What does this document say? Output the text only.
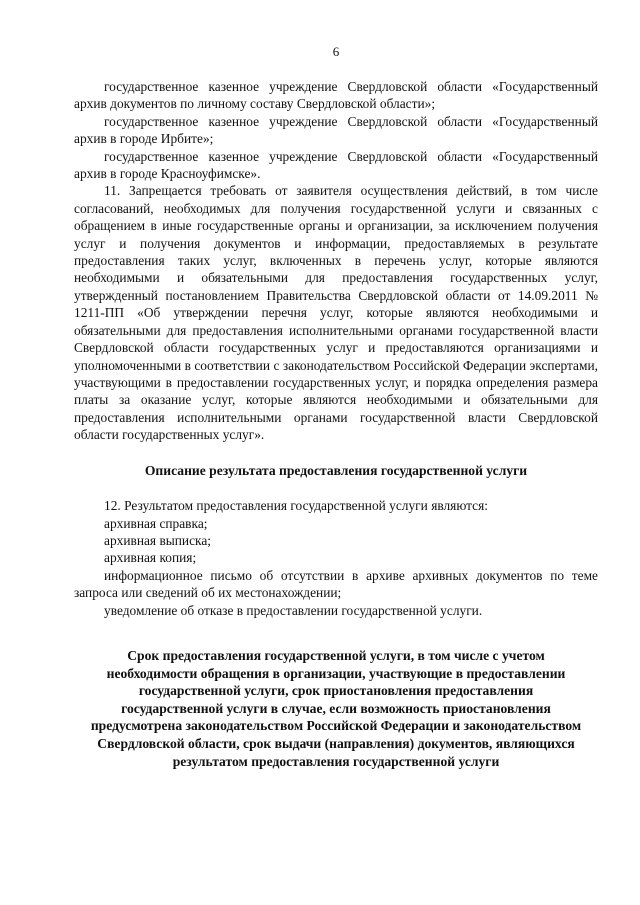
6

государственное казенное учреждение Свердловской области «Государственный архив документов по личному составу Свердловской области»;

государственное казенное учреждение Свердловской области «Государственный архив в городе Ирбите»;

государственное казенное учреждение Свердловской области «Государственный архив в городе Красноуфимске».

11. Запрещается требовать от заявителя осуществления действий, в том числе согласований, необходимых для получения государственной услуги и связанных с обращением в иные государственные органы и организации, за исключением получения услуг и получения документов и информации, предоставляемых в результате предоставления таких услуг, включенных в перечень услуг, которые являются необходимыми и обязательными для предоставления государственных услуг, утвержденный постановлением Правительства Свердловской области от 14.09.2011 № 1211-ПП «Об утверждении перечня услуг, которые являются необходимыми и обязательными для предоставления исполнительными органами государственной власти Свердловской области государственных услуг и предоставляются организациями и уполномоченными в соответствии с законодательством Российской Федерации экспертами, участвующими в предоставлении государственных услуг, и порядка определения размера платы за оказание услуг, которые являются необходимыми и обязательными для предоставления исполнительными органами государственной власти Свердловской области государственных услуг».

Описание результата предоставления государственной услуги

12. Результатом предоставления государственной услуги являются:

архивная справка;

архивная выписка;

архивная копия;

информационное письмо об отсутствии в архиве архивных документов по теме запроса или сведений об их местонахождении;

уведомление об отказе в предоставлении государственной услуги.

Срок предоставления государственной услуги, в том числе с учетом необходимости обращения в организации, участвующие в предоставлении государственной услуги, срок приостановления предоставления государственной услуги в случае, если возможность приостановления предусмотрена законодательством Российской Федерации и законодательством Свердловской области, срок выдачи (направления) документов, являющихся результатом предоставления государственной услуги
